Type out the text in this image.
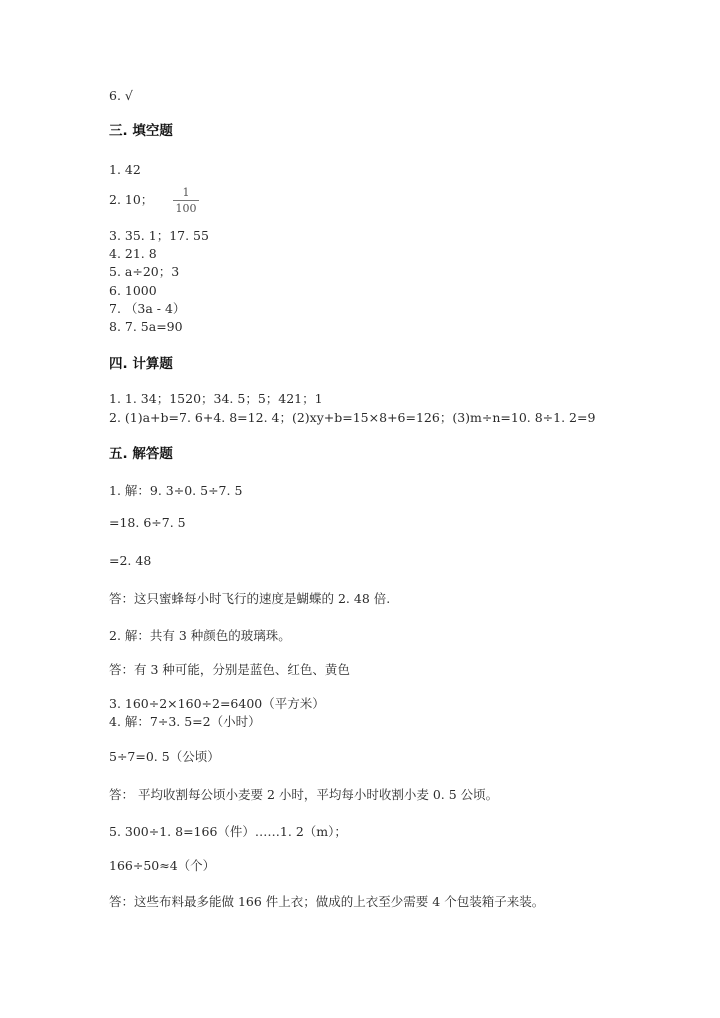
6. √
三. 填空题
1. 42
2. 10；	1
100
3. 35. 1；17. 55
4. 21. 8
5. a÷20；3
6. 1000
7. （3a - 4）
8. 7. 5a=90
四. 计算题
1. 1. 34；1520；34. 5；5；421；1
2. (1)a+b=7. 6+4. 8=12. 4；(2)xy+b=15×8+6=126；(3)m÷n=10. 8÷1. 2=9
五. 解答题
1. 解：9. 3÷0. 5÷7. 5
=18. 6÷7. 5
=2. 48
答：这只蜜蜂每小时飞行的速度是蝴蝶的 2. 48 倍.
2. 解：共有 3 种颜色的玻璃珠。
答：有 3 种可能，分别是蓝色、红色、黄色
3. 160÷2×160÷2=6400（平方米）
4. 解：7÷3. 5=2（小时）
5÷7=0. 5（公顷）
答： 平均收割每公顷小麦要 2 小时，平均每小时收割小麦 0. 5 公顷。
5. 300÷1. 8=166（件）……1. 2（m）；
166÷50≈4（个）
答：这些布料最多能做 166 件上衣；做成的上衣至少需要 4 个包装箱子来装。
